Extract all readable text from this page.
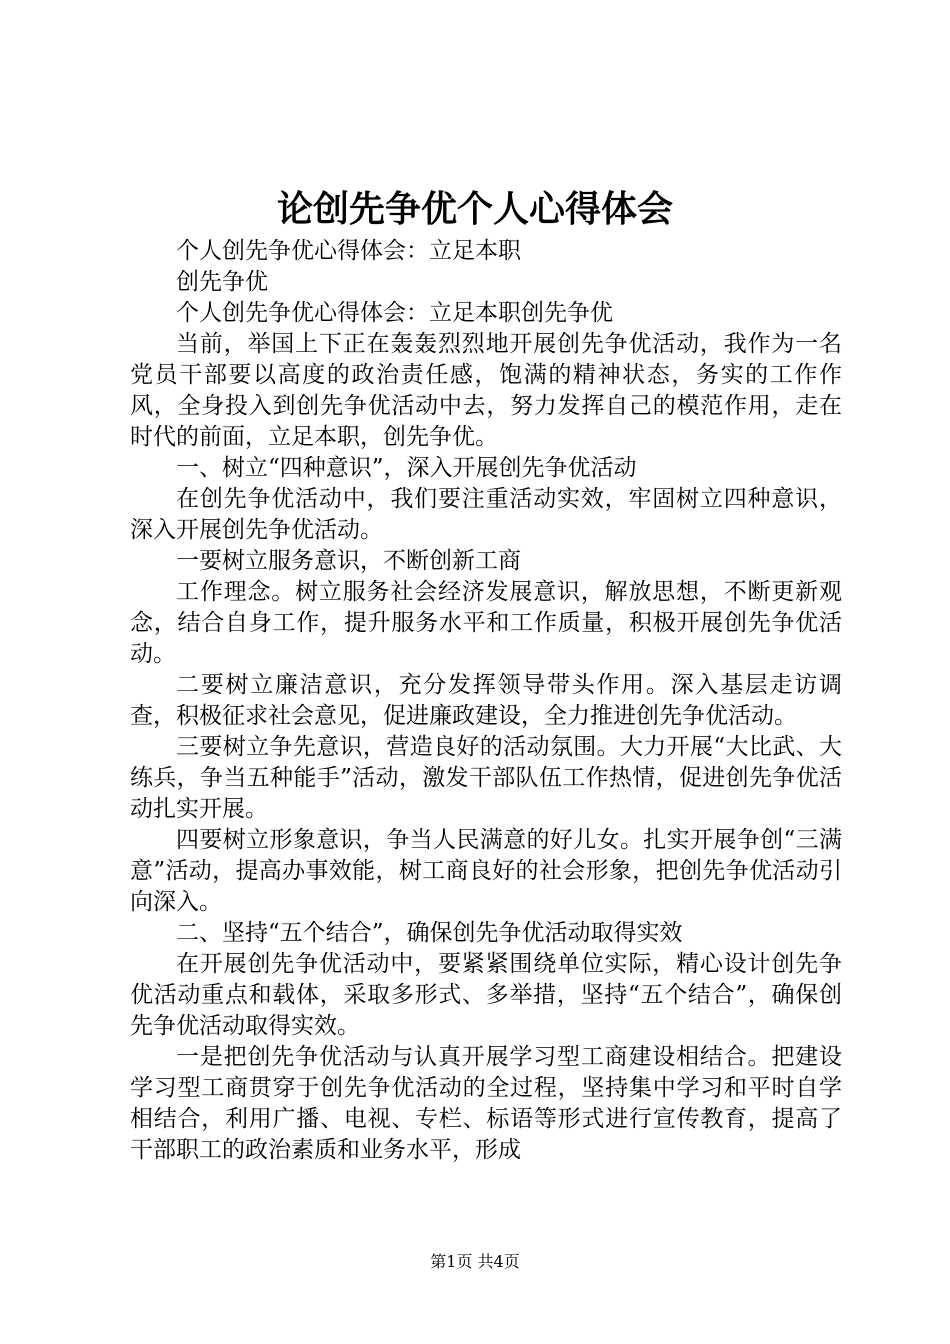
论创先争优个人心得体会

个人创先争优心得体会：立足本职

创先争优

个人创先争优心得体会：立足本职创先争优

当前，举国上下正在轰轰烈烈地开展创先争优活动，我作为一名党员干部要以高度的政治责任感，饱满的精神状态，务实的工作作风，全身投入到创先争优活动中去，努力发挥自己的模范作用，走在时代的前面，立足本职，创先争优。

一、树立“四种意识”，深入开展创先争优活动

在创先争优活动中，我们要注重活动实效，牢固树立四种意识，深入开展创先争优活动。

一要树立服务意识，不断创新工商

工作理念。树立服务社会经济发展意识，解放思想，不断更新观念，结合自身工作，提升服务水平和工作质量，积极开展创先争优活动。

二要树立廉洁意识，充分发挥领导带头作用。深入基层走访调查，积极征求社会意见，促进廉政建设，全力推进创先争优活动。

三要树立争先意识，营造良好的活动氛围。大力开展“大比武、大练兵，争当五种能手”活动，激发干部队伍工作热情，促进创先争优活动扎实开展。

四要树立形象意识，争当人民满意的好儿女。扎实开展争创“三满意”活动，提高办事效能，树工商良好的社会形象，把创先争优活动引向深入。

二、坚持“五个结合”，确保创先争优活动取得实效

在开展创先争优活动中，要紧紧围绕单位实际，精心设计创先争优活动重点和载体，采取多形式、多举措，坚持“五个结合”，确保创先争优活动取得实效。

一是把创先争优活动与认真开展学习型工商建设相结合。把建设学习型工商贯穿于创先争优活动的全过程，坚持集中学习和平时自学相结合，利用广播、电视、专栏、标语等形式进行宣传教育，提高了干部职工的政治素质和业务水平，形成

第1页 共4页
